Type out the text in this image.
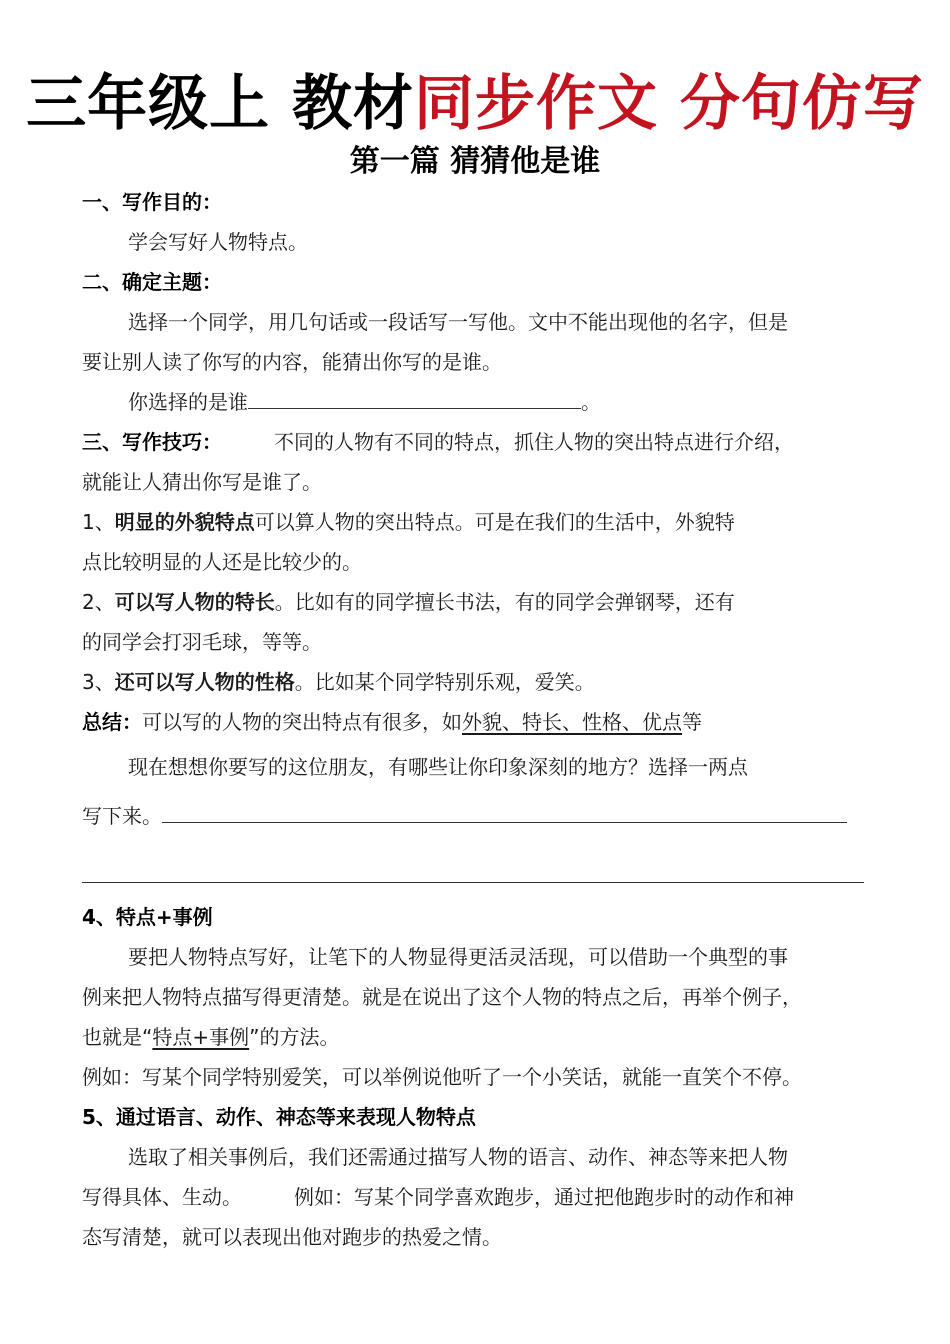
三年级上 教材同步作文 分句仿写
第一篇 猜猜他是谁
一、写作目的：
学会写好人物特点。
二、确定主题：
选择一个同学，用几句话或一段话写一写他。文中不能出现他的名字，但是
要让别人读了你写的内容，能猜出你写的是谁。
你选择的是谁	。
三、写作技巧：	不同的人物有不同的特点，抓住人物的突出特点进行介绍，
就能让人猜出你写是谁了。
1、明显的外貌特点可以算人物的突出特点。可是在我们的生活中，外貌特
点比较明显的人还是比较少的。
2、可以写人物的特长。比如有的同学擅长书法，有的同学会弹钢琴，还有
的同学会打羽毛球，等等。
3、还可以写人物的性格。比如某个同学特别乐观，爱笑。
总结：可以写的人物的突出特点有很多，如外貌、特长、性格、优点等
现在想想你要写的这位朋友，有哪些让你印象深刻的地方？选择一两点
写下来。
4、特点+事例
要把人物特点写好，让笔下的人物显得更活灵活现，可以借助一个典型的事
例来把人物特点描写得更清楚。就是在说出了这个人物的特点之后，再举个例子，
也就是“特点+事例”的方法。
例如：写某个同学特别爱笑，可以举例说他听了一个小笑话，就能一直笑个不停。
5、通过语言、动作、神态等来表现人物特点
选取了相关事例后，我们还需通过描写人物的语言、动作、神态等来把人物
写得具体、生动。	例如：写某个同学喜欢跑步，通过把他跑步时的动作和神
态写清楚，就可以表现出他对跑步的热爱之情。
